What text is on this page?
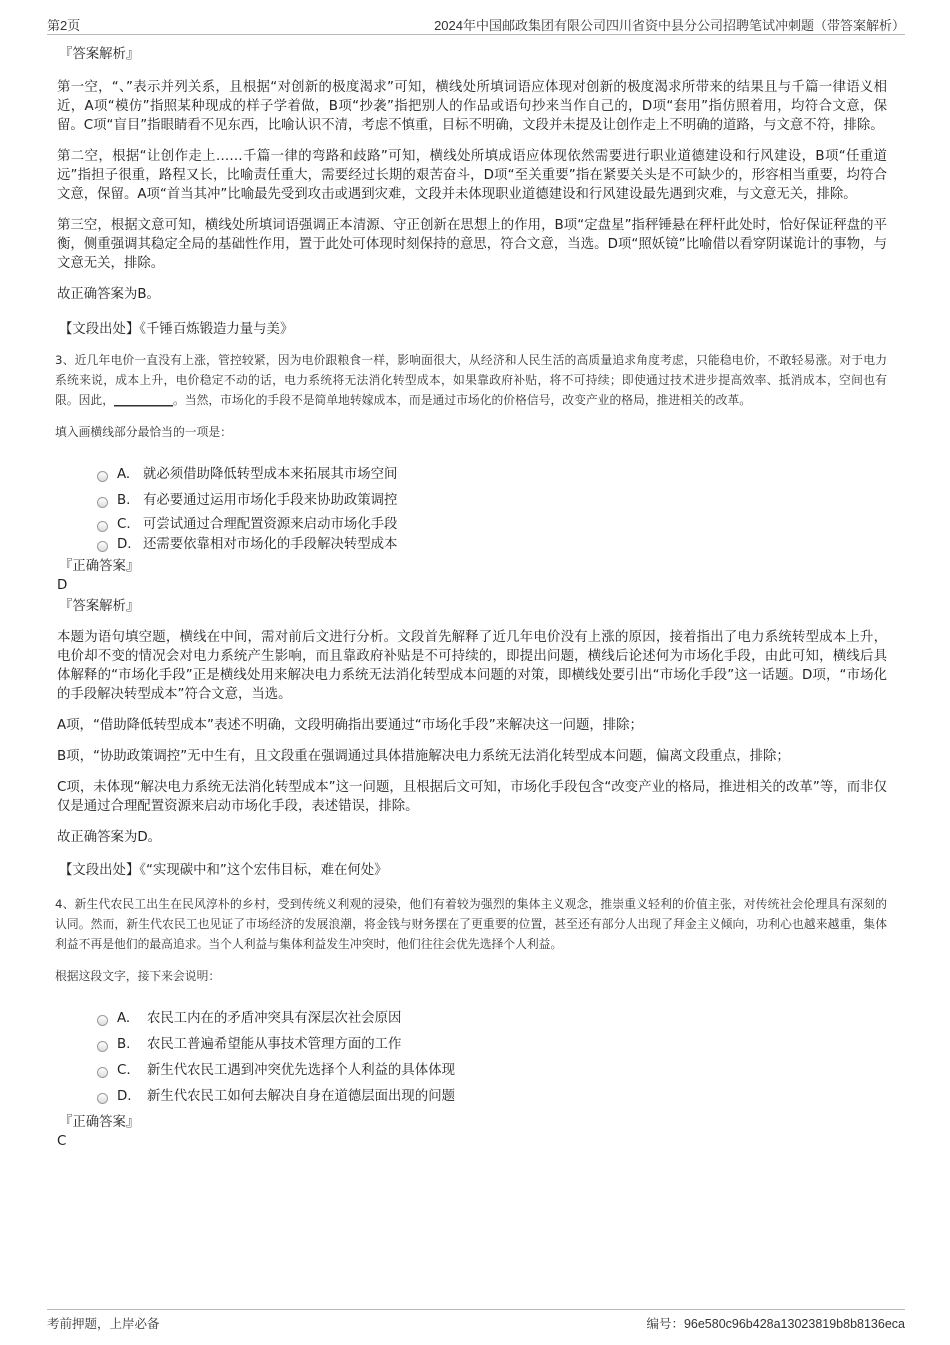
第2页	2024年中国邮政集团有限公司四川省资中县分公司招聘笔试冲刺题（带答案解析）
『答案解析』

第一空，“、”表示并列关系，且根据“对创新的极度渴求”可知，横线处所填词语应体现对创新的极度渴求所带来的结果且与千篇一律语义相近，A项“模仿”指照某种现成的样子学着做，B项“抄袭”指把别人的作品或语句抄来当作自己的，D项“套用”指仿照着用，均符合文意，保留。C项“盲目”指眼睛看不见东西，比喻认识不清，考虑不慎重，目标不明确，文段并未提及让创作走上不明确的道路，与文意不符，排除。

第二空，根据“让创作走上……千篇一律的弯路和歧路”可知，横线处所填成语应体现依然需要进行职业道德建设和行风建设，B项“任重道远”指担子很重，路程又长，比喻责任重大，需要经过长期的艰苦奋斗，D项“至关重要”指在紧要关头是不可缺少的，形容相当重要，均符合文意，保留。A项“首当其冲”比喻最先受到攻击或遇到灾难，文段并未体现职业道德建设和行风建设最先遇到灾难，与文意无关，排除。

第三空，根据文意可知，横线处所填词语强调正本清源、守正创新在思想上的作用，B项“定盘星”指秤锤悬在秤杆此处时，恰好保证秤盘的平衡，侧重强调其稳定全局的基础性作用，置于此处可体现时刻保持的意思，符合文意，当选。D项“照妖镜”比喻借以看穿阴谋诡计的事物，与文意无关，排除。

故正确答案为B。

【文段出处】《千锤百炼锻造力量与美》
3、近几年电价一直没有上涨，管控较紧，因为电价跟粮食一样，影响面很大，从经济和人民生活的高质量追求角度考虑，只能稳电价，不敢轻易涨。对于电力系统来说，成本上升，电价稳定不动的话，电力系统将无法消化转型成本，如果靠政府补贴，将不可持续；即使通过技术进步提高效率、抵消成本，空间也有限。因此，__________。当然，市场化的手段不是简单地转嫁成本，而是通过市场化的价格信号，改变产业的格局，推进相关的改革。
填入画横线部分最恰当的一项是：
A. 就必须借助降低转型成本来拓展其市场空间
B. 有必要通过运用市场化手段来协助政策调控
C. 可尝试通过合理配置资源来启动市场化手段
D. 还需要依靠相对市场化的手段解决转型成本
『正确答案』
D
『答案解析』

本题为语句填空题，横线在中间，需对前后文进行分析。文段首先解释了近几年电价没有上涨的原因，接着指出了电力系统转型成本上升，电价却不变的情况会对电力系统产生影响，而且靠政府补贴是不可持续的，即提出问题，横线后论述何为市场化手段，由此可知，横线后具体解释的“市场化手段”正是横线处用来解决电力系统无法消化转型成本问题的对策，即横线处要引出“市场化手段”这一话题。D项，“市场化的手段解决转型成本”符合文意，当选。

A项，“借助降低转型成本”表述不明确，文段明确指出要通过“市场化手段”来解决这一问题，排除；

B项，“协助政策调控”无中生有，且文段重在强调通过具体措施解决电力系统无法消化转型成本问题，偏离文段重点，排除；

C项，未体现“解决电力系统无法消化转型成本”这一问题，且根据后文可知，市场化手段包含“改变产业的格局，推进相关的改革”等，而非仅仅是通过合理配置资源来启动市场化手段，表述错误，排除。

故正确答案为D。

【文段出处】《“实现碳中和”这个宏伟目标，难在何处》
4、新生代农民工出生在民风淳朴的乡村，受到传统义利观的浸染，他们有着较为强烈的集体主义观念，推崇重义轻利的价值主张，对传统社会伦理具有深刻的认同。然而，新生代农民工也见证了市场经济的发展浪潮，将金钱与财务摆在了更重要的位置，甚至还有部分人出现了拜金主义倾向，功利心也越来越重，集体利益不再是他们的最高追求。当个人利益与集体利益发生冲突时，他们往往会优先选择个人利益。
根据这段文字，接下来会说明：
A.	农民工内在的矛盾冲突具有深层次社会原因
B.	农民工普遍希望能从事技术管理方面的工作
C.	新生代农民工遇到冲突优先选择个人利益的具体体现
D.	新生代农民工如何去解决自身在道德层面出现的问题
『正确答案』
C
考前押题，上岸必备	编号：96e580c96b428a13023819b8b8136eca
